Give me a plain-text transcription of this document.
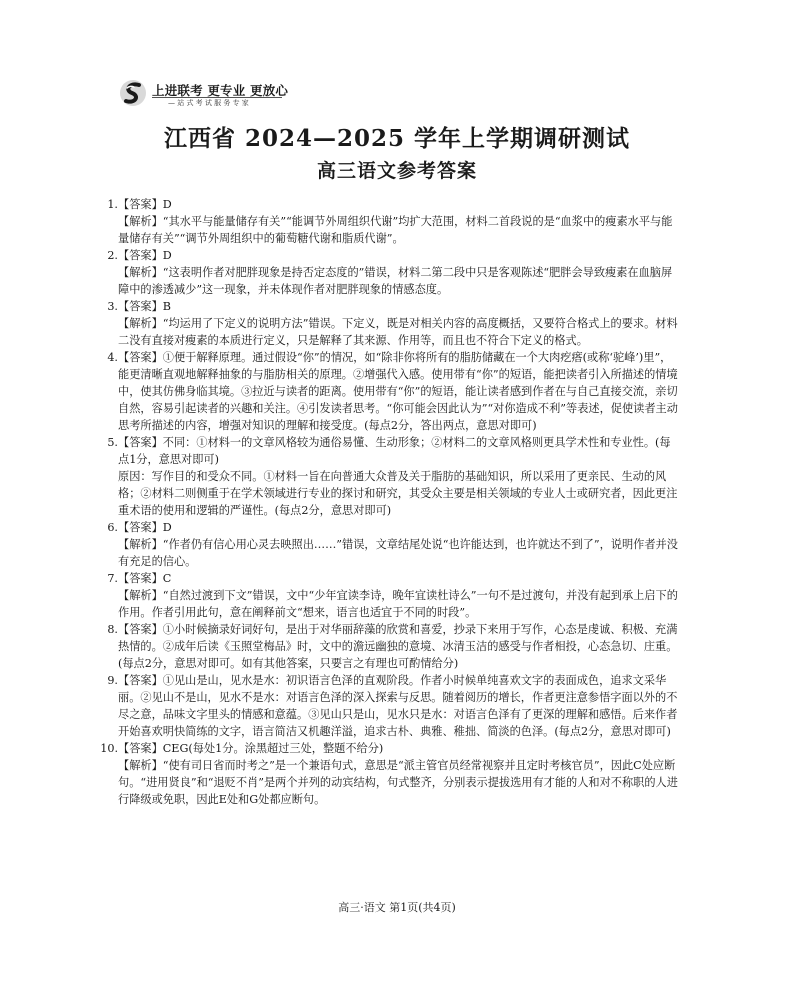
上进联考 更专业 更放心
— 站 式 考 试 服 务 专 家
江西省 2024—2025 学年上学期调研测试
高三语文参考答案
1.【答案】D
【解析】“其水平与能量储存有关”“能调节外周组织代谢”均扩大范围，材料二首段说的是“血浆中的瘦素水平与能量储存有关”“调节外周组织中的葡萄糖代谢和脂质代谢”。
2.【答案】D
【解析】“这表明作者对肥胖现象是持否定态度的”错误，材料二第二段中只是客观陈述“肥胖会导致瘦素在血脑屏障中的渗透减少”这一现象，并未体现作者对肥胖现象的情感态度。
3.【答案】B
【解析】“均运用了下定义的说明方法”错误。下定义，既是对相关内容的高度概括，又要符合格式上的要求。材料二没有直接对瘦素的本质进行定义，只是解释了其来源、作用等，而且也不符合下定义的格式。
4.【答案】①便于解释原理。通过假设“你”的情况，如“除非你将所有的脂肪储藏在一个大肉疙瘩(或称‘驼峰’)里”，能更清晰直观地解释抽象的与脂肪相关的原理。②增强代入感。使用带有“你”的短语，能把读者引入所描述的情境中，使其仿佛身临其境。③拉近与读者的距离。使用带有“你”的短语，能让读者感到作者在与自己直接交流，亲切自然，容易引起读者的兴趣和关注。④引发读者思考。“你可能会因此认为”“对你造成不利”等表述，促使读者主动思考所描述的内容，增强对知识的理解和接受度。(每点2分，答出两点，意思对即可)
5.【答案】不同：①材料一的文章风格较为通俗易懂、生动形象；②材料二的文章风格则更具学术性和专业性。(每点1分，意思对即可)
原因：写作目的和受众不同。①材料一旨在向普通大众普及关于脂肪的基础知识，所以采用了更亲民、生动的风格；②材料二则侧重于在学术领域进行专业的探讨和研究，其受众主要是相关领域的专业人士或研究者，因此更注重术语的使用和逻辑的严谨性。(每点2分，意思对即可)
6.【答案】D
【解析】“作者仍有信心用心灵去映照出……”错误，文章结尾处说“也许能达到，也许就达不到了”，说明作者并没有充足的信心。
7.【答案】C
【解析】“自然过渡到下文”错误，文中“少年宜读李诗，晚年宜读杜诗么”一句不是过渡句，并没有起到承上启下的作用。作者引用此句，意在阐释前文“想来，语言也适宜于不同的时段”。
8.【答案】①小时候摘录好词好句，是出于对华丽辞藻的欣赏和喜爱，抄录下来用于写作，心态是虔诚、积极、充满热情的。②成年后读《玉照堂梅品》时，文中的澹远幽独的意境、冰清玉洁的感受与作者相投，心态急切、庄重。(每点2分，意思对即可。如有其他答案，只要言之有理也可酌情给分)
9.【答案】①见山是山，见水是水：初识语言色泽的直观阶段。作者小时候单纯喜欢文字的表面成色，追求文采华丽。②见山不是山，见水不是水：对语言色泽的深入探索与反思。随着阅历的增长，作者更注意参悟字面以外的不尽之意，品味文字里头的情感和意蕴。③见山只是山，见水只是水：对语言色泽有了更深的理解和感悟。后来作者开始喜欢明快简练的文字，语言简洁又机趣洋溢，追求古朴、典雅、稚拙、简淡的色泽。(每点2分，意思对即可)
10.【答案】CEG(每处1分。涂黑超过三处，整题不给分)
【解析】“使有司日省而时考之”是一个兼语句式，意思是“派主管官员经常视察并且定时考核官员”，因此C处应断句。“进用贤良”和“退贬不肖”是两个并列的动宾结构，句式整齐，分别表示提拔选用有才能的人和对不称职的人进行降级或免职，因此E处和G处都应断句。
高三·语文 第1页(共4页)
